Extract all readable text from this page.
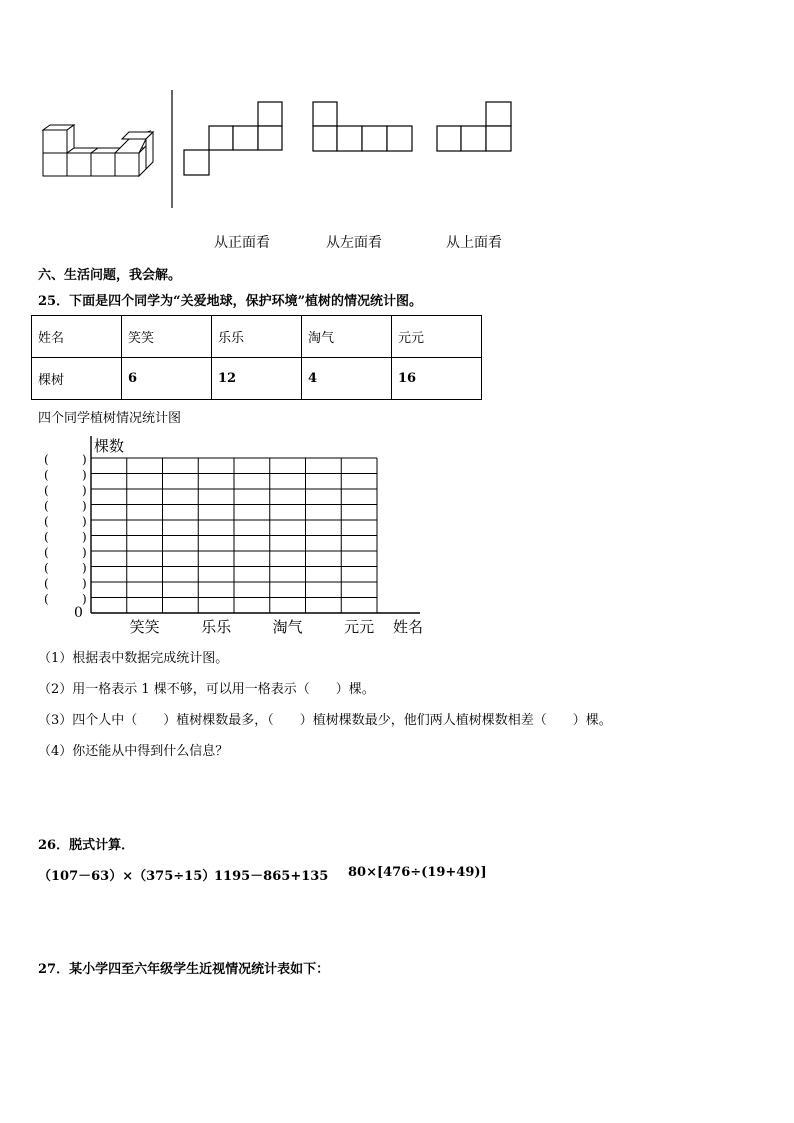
从正面看	从左面看	从上面看
六、生活问题，我会解。
25．下面是四个同学为“关爱地球，保护环境”植树的情况统计图。
姓名	笑笑	乐乐	淘气	元元
棵树	6	12	4	16
四个同学植树情况统计图
(	)
(	)
(	)
(	)
(	)
(	)
(	)
(	)
(	)
(	)
0
棵数
笑笑	乐乐	淘气	元元 姓名
（1）根据表中数据完成统计图。
（2）用一格表示 1 棵不够，可以用一格表示（　　）棵。
（3）四个人中（　　）植树棵数最多，（　　）植树棵数最少，他们两人植树棵数相差（　　）棵。
（4）你还能从中得到什么信息？
26．脱式计算．
（107－63）×（375÷15）
1195－865+135 80×[476÷(19+49)]
27．某小学四至六年级学生近视情况统计表如下：
